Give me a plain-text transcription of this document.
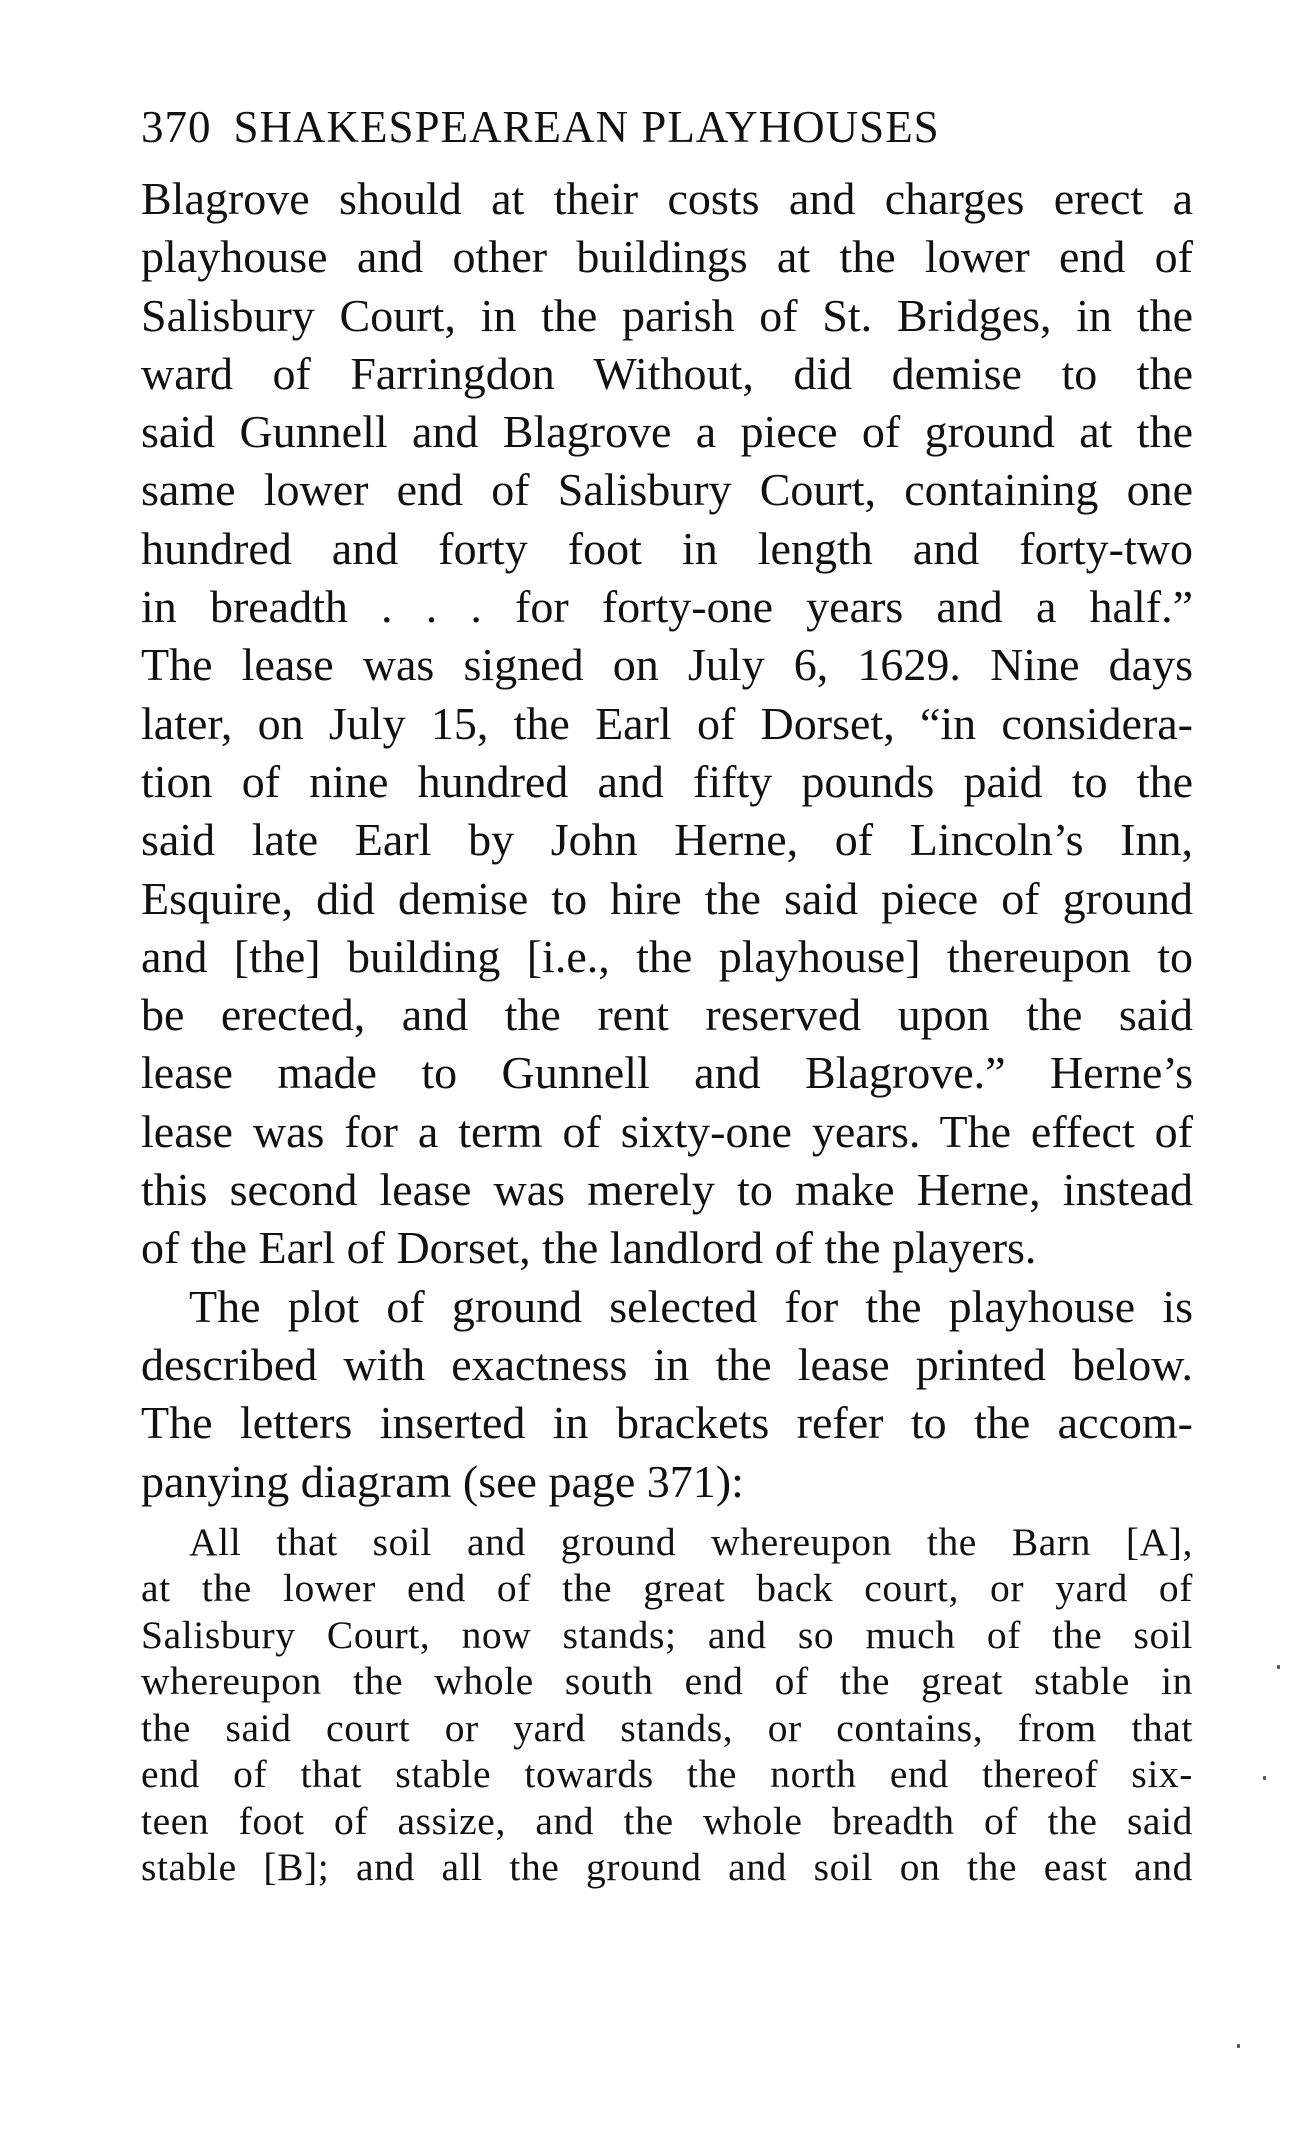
370 SHAKESPEAREAN PLAYHOUSES
Blagrove should at their costs and charges erect a
playhouse and other buildings at the lower end of
Salisbury Court, in the parish of St. Bridges, in the
ward of Farringdon Without, did demise to the
said Gunnell and Blagrove a piece of ground at the
same lower end of Salisbury Court, containing one
hundred and forty foot in length and forty-two
in breadth . . . for forty-one years and a half.”
The lease was signed on July 6, 1629. Nine days
later, on July 15, the Earl of Dorset, “in considera-
tion of nine hundred and fifty pounds paid to the
said late Earl by John Herne, of Lincoln’s Inn,
Esquire, did demise to hire the said piece of ground
and [the] building [i.e., the playhouse] thereupon to
be erected, and the rent reserved upon the said
lease made to Gunnell and Blagrove.” Herne’s
lease was for a term of sixty-one years. The effect of
this second lease was merely to make Herne, instead
of the Earl of Dorset, the landlord of the players.
The plot of ground selected for the playhouse is
described with exactness in the lease printed below.
The letters inserted in brackets refer to the accom-
panying diagram (see page 371):
All that soil and ground whereupon the Barn [A],
at the lower end of the great back court, or yard of
Salisbury Court, now stands; and so much of the soil
whereupon the whole south end of the great stable in
the said court or yard stands, or contains, from that
end of that stable towards the north end thereof six-
teen foot of assize, and the whole breadth of the said
stable [B]; and all the ground and soil on the east and
